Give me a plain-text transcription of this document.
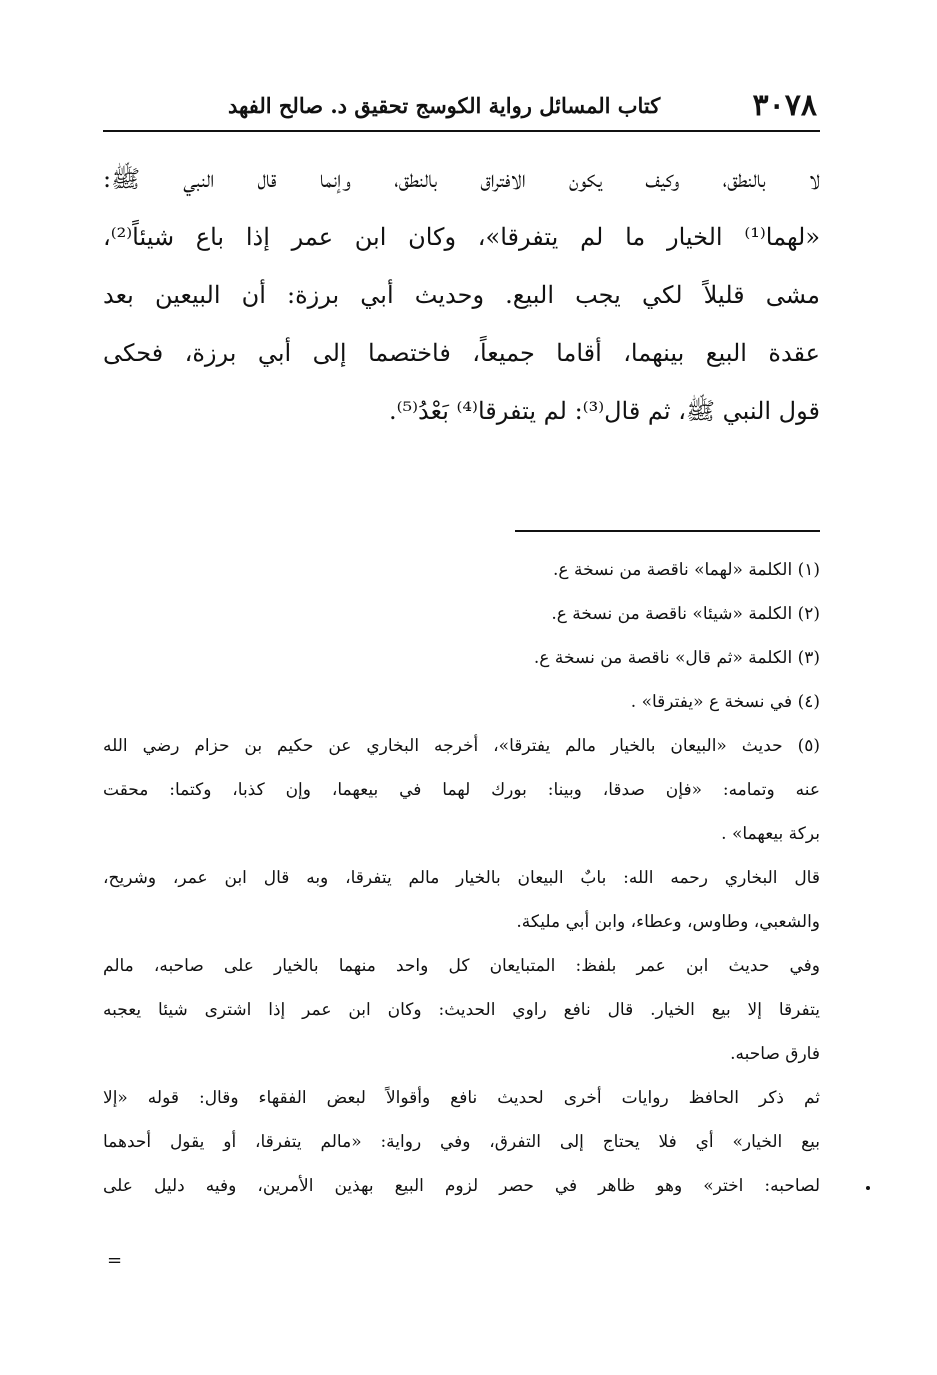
٣٠٧٨
كتاب المسائل رواية الكوسج تحقيق د. صالح الفهد
لا بالنطق، وكيف يكون الافتراق بالنطق، وإنما قال النبي ﷺ:
«لهما⁽¹⁾ الخيار ما لم يتفرقا»، وكان ابن عمر إذا باع شيئاً⁽²⁾،
مشى قليلاً لكي يجب البيع. وحديث أبي برزة: أن البيعين بعد
عقدة البيع بينهما، أقاما جميعاً، فاختصما إلى أبي برزة، فحكى
قول النبي ﷺ، ثم قال⁽³⁾: لم يتفرقا⁽⁴⁾ بَعْدُ⁽⁵⁾.
(١) الكلمة «لهما» ناقصة من نسخة ع.
(٢) الكلمة «شيئا» ناقصة من نسخة ع.
(٣) الكلمة «ثم قال» ناقصة من نسخة ع.
(٤) في نسخة ع «يفترقا» .
(٥) حديث «البيعان بالخيار مالم يفترقا»، أخرجه البخاري عن حكيم بن حزام رضي الله
عنه وتمامه: «فإن صدقا، وبينا: بورك لهما في بيعهما، وإن كذبا، وكتما: محقت
بركة بيعهما» .
قال البخاري رحمه الله: بابٌ البيعان بالخيار مالم يتفرقا، وبه قال ابن عمر، وشريح،
والشعبي، وطاوس، وعطاء، وابن أبي مليكة.
وفي حديث ابن عمر بلفظ: المتبايعان كل واحد منهما بالخيار على صاحبه، مالم
يتفرقا إلا بيع الخيار. قال نافع راوي الحديث: وكان ابن عمر إذا اشترى شيئا يعجبه
فارق صاحبه.
ثم ذكر الحافظ روايات أخرى لحديث نافع وأقوالاً لبعض الفقهاء وقال: قوله «إلا
بيع الخيار» أي فلا يحتاج إلى التفرق، وفي رواية: «مالم يتفرقا، أو يقول أحدهما
لصاحبه: اختر» وهو ظاهر في حصر لزوم البيع بهذين الأمرين، وفيه دليل على
=
